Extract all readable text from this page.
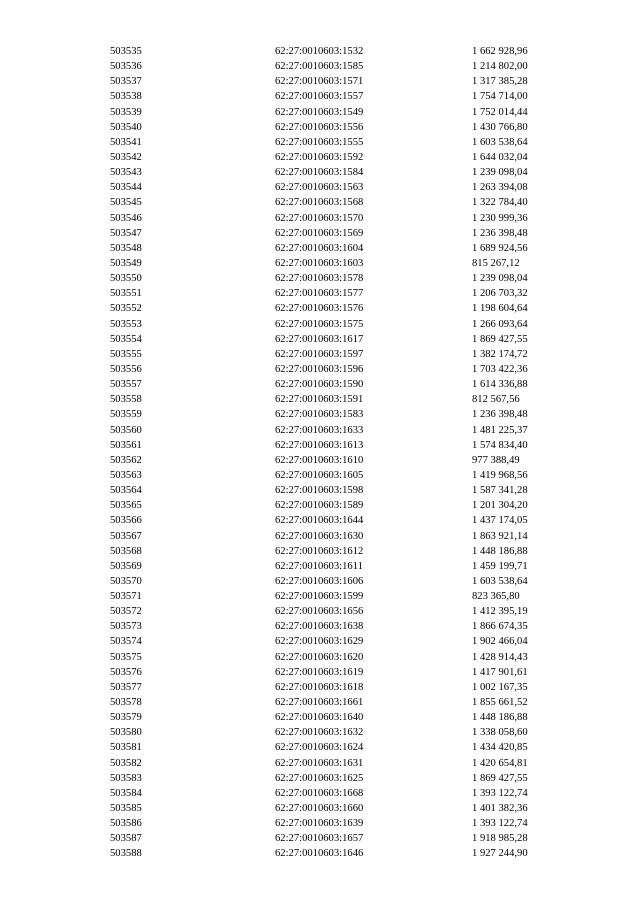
503535	62:27:0010603:1532	1 662 928,96
503536	62:27:0010603:1585	1 214 802,00
503537	62:27:0010603:1571	1 317 385,28
503538	62:27:0010603:1557	1 754 714,00
503539	62:27:0010603:1549	1 752 014,44
503540	62:27:0010603:1556	1 430 766,80
503541	62:27:0010603:1555	1 603 538,64
503542	62:27:0010603:1592	1 644 032,04
503543	62:27:0010603:1584	1 239 098,04
503544	62:27:0010603:1563	1 263 394,08
503545	62:27:0010603:1568	1 322 784,40
503546	62:27:0010603:1570	1 230 999,36
503547	62:27:0010603:1569	1 236 398,48
503548	62:27:0010603:1604	1 689 924,56
503549	62:27:0010603:1603	815 267,12
503550	62:27:0010603:1578	1 239 098,04
503551	62:27:0010603:1577	1 206 703,32
503552	62:27:0010603:1576	1 198 604,64
503553	62:27:0010603:1575	1 266 093,64
503554	62:27:0010603:1617	1 869 427,55
503555	62:27:0010603:1597	1 382 174,72
503556	62:27:0010603:1596	1 703 422,36
503557	62:27:0010603:1590	1 614 336,88
503558	62:27:0010603:1591	812 567,56
503559	62:27:0010603:1583	1 236 398,48
503560	62:27:0010603:1633	1 481 225,37
503561	62:27:0010603:1613	1 574 834,40
503562	62:27:0010603:1610	977 388,49
503563	62:27:0010603:1605	1 419 968,56
503564	62:27:0010603:1598	1 587 341,28
503565	62:27:0010603:1589	1 201 304,20
503566	62:27:0010603:1644	1 437 174,05
503567	62:27:0010603:1630	1 863 921,14
503568	62:27:0010603:1612	1 448 186,88
503569	62:27:0010603:1611	1 459 199,71
503570	62:27:0010603:1606	1 603 538,64
503571	62:27:0010603:1599	823 365,80
503572	62:27:0010603:1656	1 412 395,19
503573	62:27:0010603:1638	1 866 674,35
503574	62:27:0010603:1629	1 902 466,04
503575	62:27:0010603:1620	1 428 914,43
503576	62:27:0010603:1619	1 417 901,61
503577	62:27:0010603:1618	1 002 167,35
503578	62:27:0010603:1661	1 855 661,52
503579	62:27:0010603:1640	1 448 186,88
503580	62:27:0010603:1632	1 338 058,60
503581	62:27:0010603:1624	1 434 420,85
503582	62:27:0010603:1631	1 420 654,81
503583	62:27:0010603:1625	1 869 427,55
503584	62:27:0010603:1668	1 393 122,74
503585	62:27:0010603:1660	1 401 382,36
503586	62:27:0010603:1639	1 393 122,74
503587	62:27:0010603:1657	1 918 985,28
503588	62:27:0010603:1646	1 927 244,90
